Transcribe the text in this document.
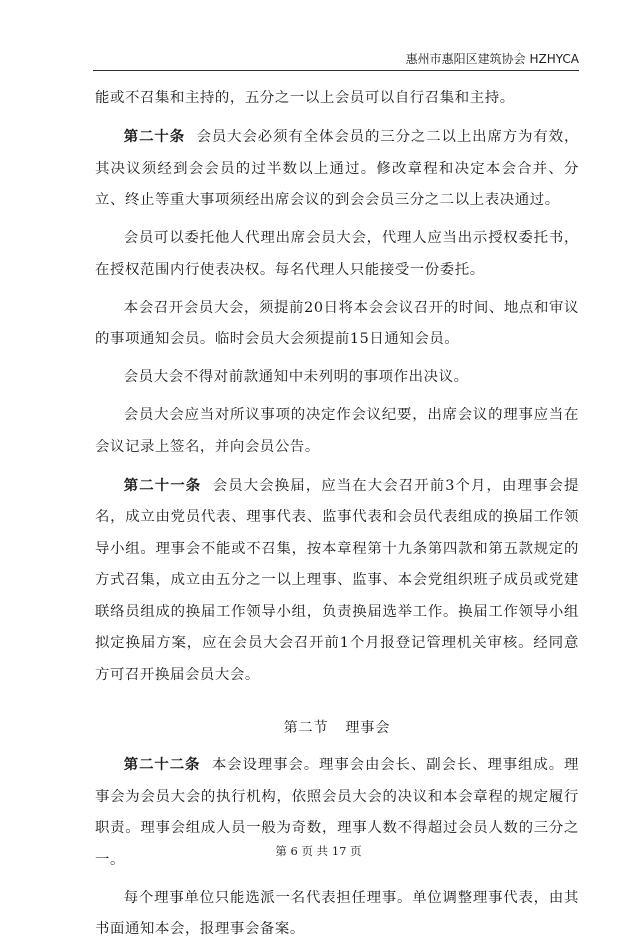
惠州市惠阳区建筑协会 HZHYCA

能或不召集和主持的，五分之一以上会员可以自行召集和主持。

第二十条 会员大会必须有全体会员的三分之二以上出席方为有效，其决议须经到会会员的过半数以上通过。修改章程和决定本会合并、分立、终止等重大事项须经出席会议的到会会员三分之二以上表决通过。

会员可以委托他人代理出席会员大会，代理人应当出示授权委托书，在授权范围内行使表决权。每名代理人只能接受一份委托。

本会召开会员大会，须提前20日将本会会议召开的时间、地点和审议的事项通知会员。临时会员大会须提前15日通知会员。

会员大会不得对前款通知中未列明的事项作出决议。

会员大会应当对所议事项的决定作会议纪要，出席会议的理事应当在会议记录上签名，并向会员公告。

第二十一条 会员大会换届，应当在大会召开前3个月，由理事会提名，成立由党员代表、理事代表、监事代表和会员代表组成的换届工作领导小组。理事会不能或不召集，按本章程第十九条第四款和第五款规定的方式召集，成立由五分之一以上理事、监事、本会党组织班子成员或党建联络员组成的换届工作领导小组，负责换届选举工作。换届工作领导小组拟定换届方案，应在会员大会召开前1个月报登记管理机关审核。经同意方可召开换届会员大会。

第二节 理事会

第二十二条 本会设理事会。理事会由会长、副会长、理事组成。理事会为会员大会的执行机构，依照会员大会的决议和本会章程的规定履行职责。理事会组成人员一般为奇数，理事人数不得超过会员人数的三分之一。

每个理事单位只能选派一名代表担任理事。单位调整理事代表，由其书面通知本会，报理事会备案。

第 6 页 共 17 页
